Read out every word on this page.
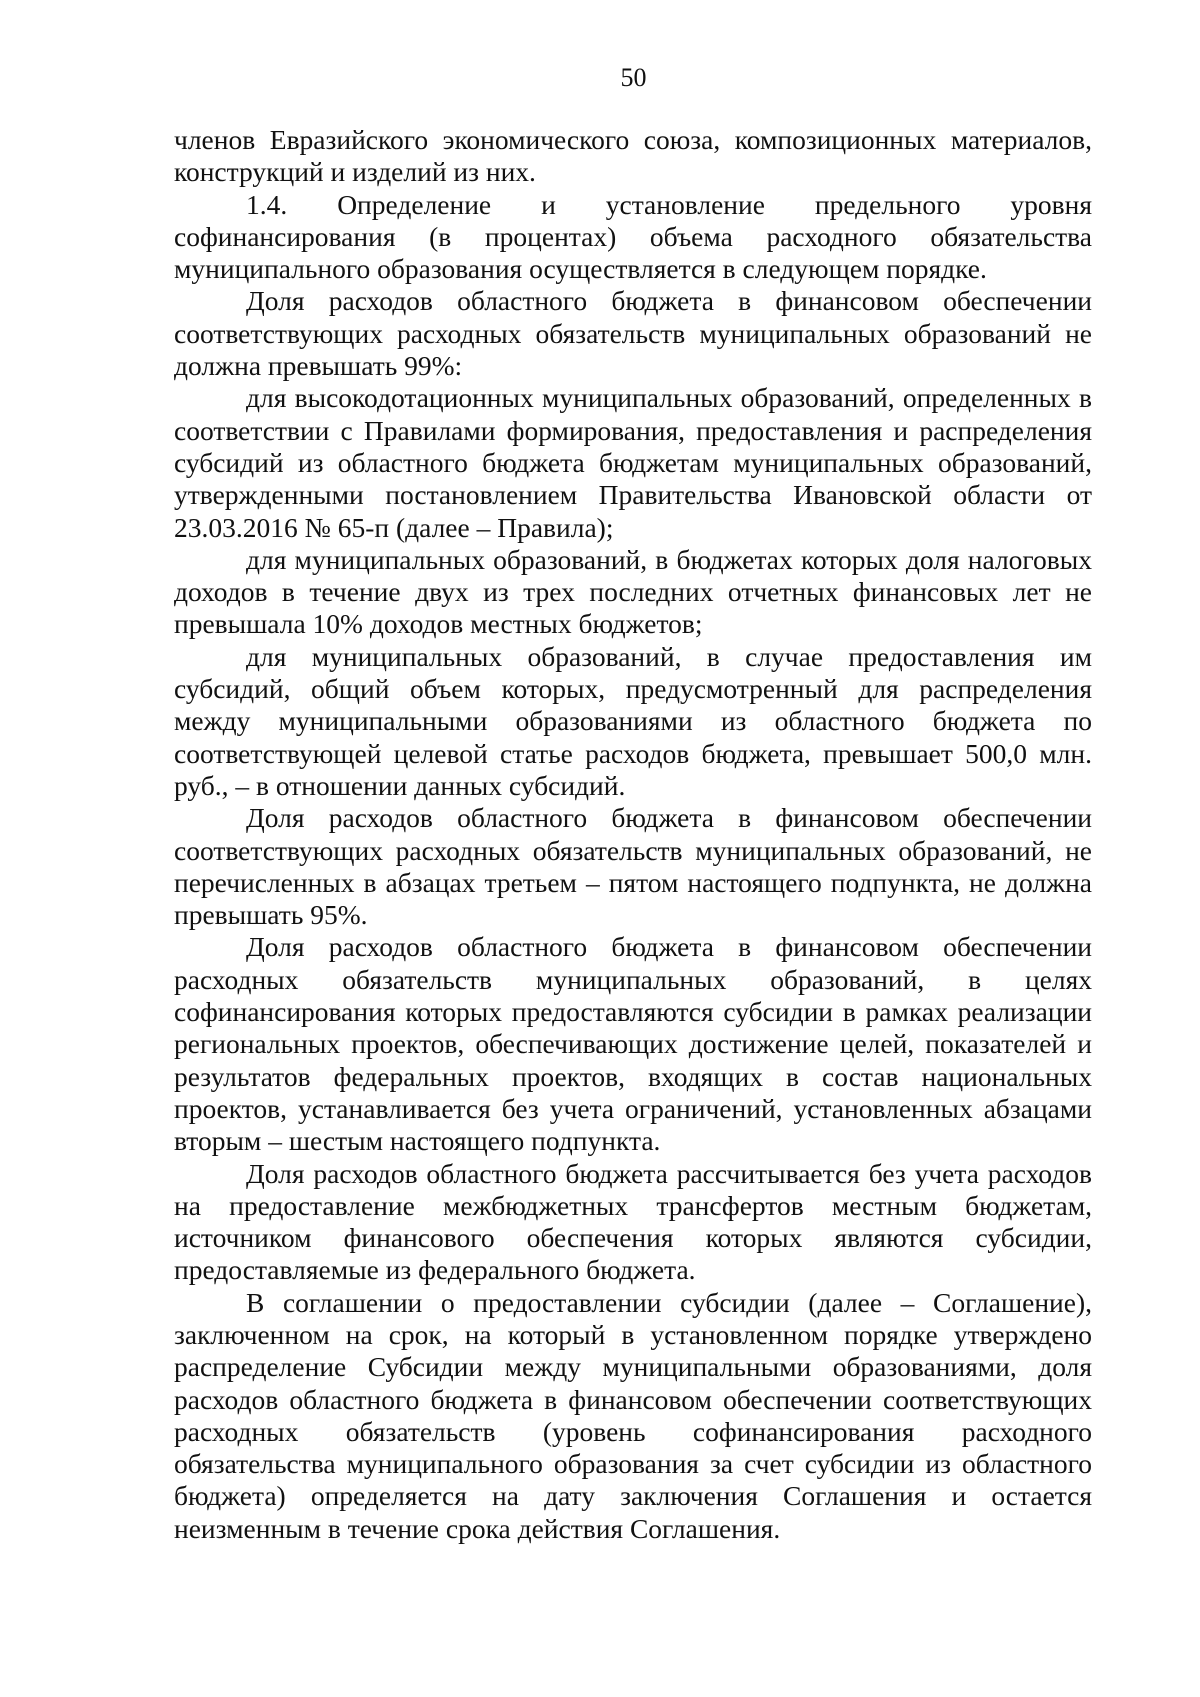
50

членов Евразийского экономического союза, композиционных материалов, конструкций и изделий из них.

1.4. Определение и установление предельного уровня софинансирования (в процентах) объема расходного обязательства муниципального образования осуществляется в следующем порядке.

Доля расходов областного бюджета в финансовом обеспечении соответствующих расходных обязательств муниципальных образований не должна превышать 99%:

для высокодотационных муниципальных образований, определенных в соответствии с Правилами формирования, предоставления и распределения субсидий из областного бюджета бюджетам муниципальных образований, утвержденными постановлением Правительства Ивановской области от 23.03.2016 № 65-п (далее – Правила);

для муниципальных образований, в бюджетах которых доля налоговых доходов в течение двух из трех последних отчетных финансовых лет не превышала 10% доходов местных бюджетов;

для муниципальных образований, в случае предоставления им субсидий, общий объем которых, предусмотренный для распределения между муниципальными образованиями из областного бюджета по соответствующей целевой статье расходов бюджета, превышает 500,0 млн. руб., – в отношении данных субсидий.

Доля расходов областного бюджета в финансовом обеспечении соответствующих расходных обязательств муниципальных образований, не перечисленных в абзацах третьем – пятом настоящего подпункта, не должна превышать 95%.

Доля расходов областного бюджета в финансовом обеспечении расходных обязательств муниципальных образований, в целях софинансирования которых предоставляются субсидии в рамках реализации региональных проектов, обеспечивающих достижение целей, показателей и результатов федеральных проектов, входящих в состав национальных проектов, устанавливается без учета ограничений, установленных абзацами вторым – шестым настоящего подпункта.

Доля расходов областного бюджета рассчитывается без учета расходов на предоставление межбюджетных трансфертов местным бюджетам, источником финансового обеспечения которых являются субсидии, предоставляемые из федерального бюджета.

В соглашении о предоставлении субсидии (далее – Соглашение), заключенном на срок, на который в установленном порядке утверждено распределение Субсидии между муниципальными образованиями, доля расходов областного бюджета в финансовом обеспечении соответствующих расходных обязательств (уровень софинансирования расходного обязательства муниципального образования за счет субсидии из областного бюджета) определяется на дату заключения Соглашения и остается неизменным в течение срока действия Соглашения.
